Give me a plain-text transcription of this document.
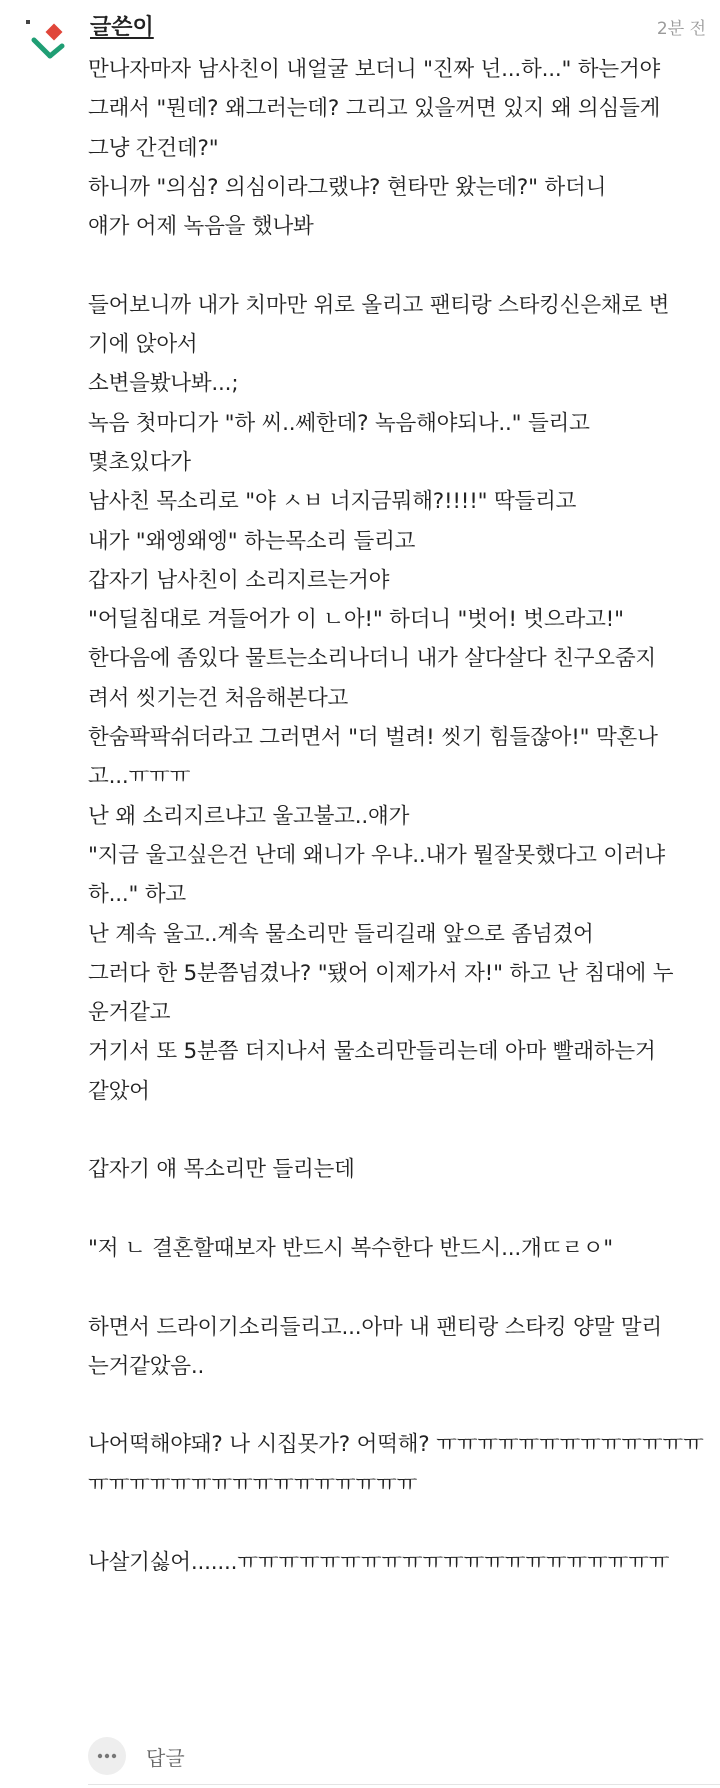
글쓴이	2분 전
만나자마자 남사친이 내얼굴 보더니 "진짜 넌...하..." 하는거야
그래서 "뭔데? 왜그러는데? 그리고 있을꺼면 있지 왜 의심들게
그냥 간건데?"
하니까 "의심? 의심이라그랬냐? 현타만 왔는데?" 하더니
얘가 어제 녹음을 했나봐
들어보니까 내가 치마만 위로 올리고 팬티랑 스타킹신은채로 변
기에 앉아서
소변을봤나봐...;
녹음 첫마디가 "하 씨..쎄한데? 녹음해야되나.." 들리고
몇초있다가
남사친 목소리로 "야 ㅅㅂ 너지금뭐해?!!!!" 딱들리고
내가 "왜엥왜엥" 하는목소리 들리고
갑자기 남사친이 소리지르는거야
"어딜침대로 겨들어가 이 ㄴ아!" 하더니 "벗어! 벗으라고!"
한다음에 좀있다 물트는소리나더니 내가 살다살다 친구오줌지
려서 씻기는건 처음해본다고
한숨팍팍쉬더라고 그러면서 "더 벌려! 씻기 힘들잖아!" 막혼나
고...ㅠㅠㅠ
난 왜 소리지르냐고 울고불고..얘가
"지금 울고싶은건 난데 왜니가 우냐..내가 뭘잘못했다고 이러냐
하..." 하고
난 계속 울고..계속 물소리만 들리길래 앞으로 좀넘겼어
그러다 한 5분쯤넘겼나? "됐어 이제가서 자!" 하고 난 침대에 누
운거같고
거기서 또 5분쯤 더지나서 물소리만들리는데 아마 빨래하는거
같았어
갑자기 얘 목소리만 들리는데
"저 ㄴ 결혼할때보자 반드시 복수한다 반드시...개ㄸㄹㅇ"
하면서 드라이기소리들리고...아마 내 팬티랑 스타킹 양말 말리
는거같았음..
나어떡해야돼? 나 시집못가? 어떡해? ㅠㅠㅠㅠㅠㅠㅠㅠㅠㅠㅠㅠㅠ
ㅠㅠㅠㅠㅠㅠㅠㅠㅠㅠㅠㅠㅠㅠㅠㅠ
나살기싫어.......ㅠㅠㅠㅠㅠㅠㅠㅠㅠㅠㅠㅠㅠㅠㅠㅠㅠㅠㅠㅠㅠ
답글
